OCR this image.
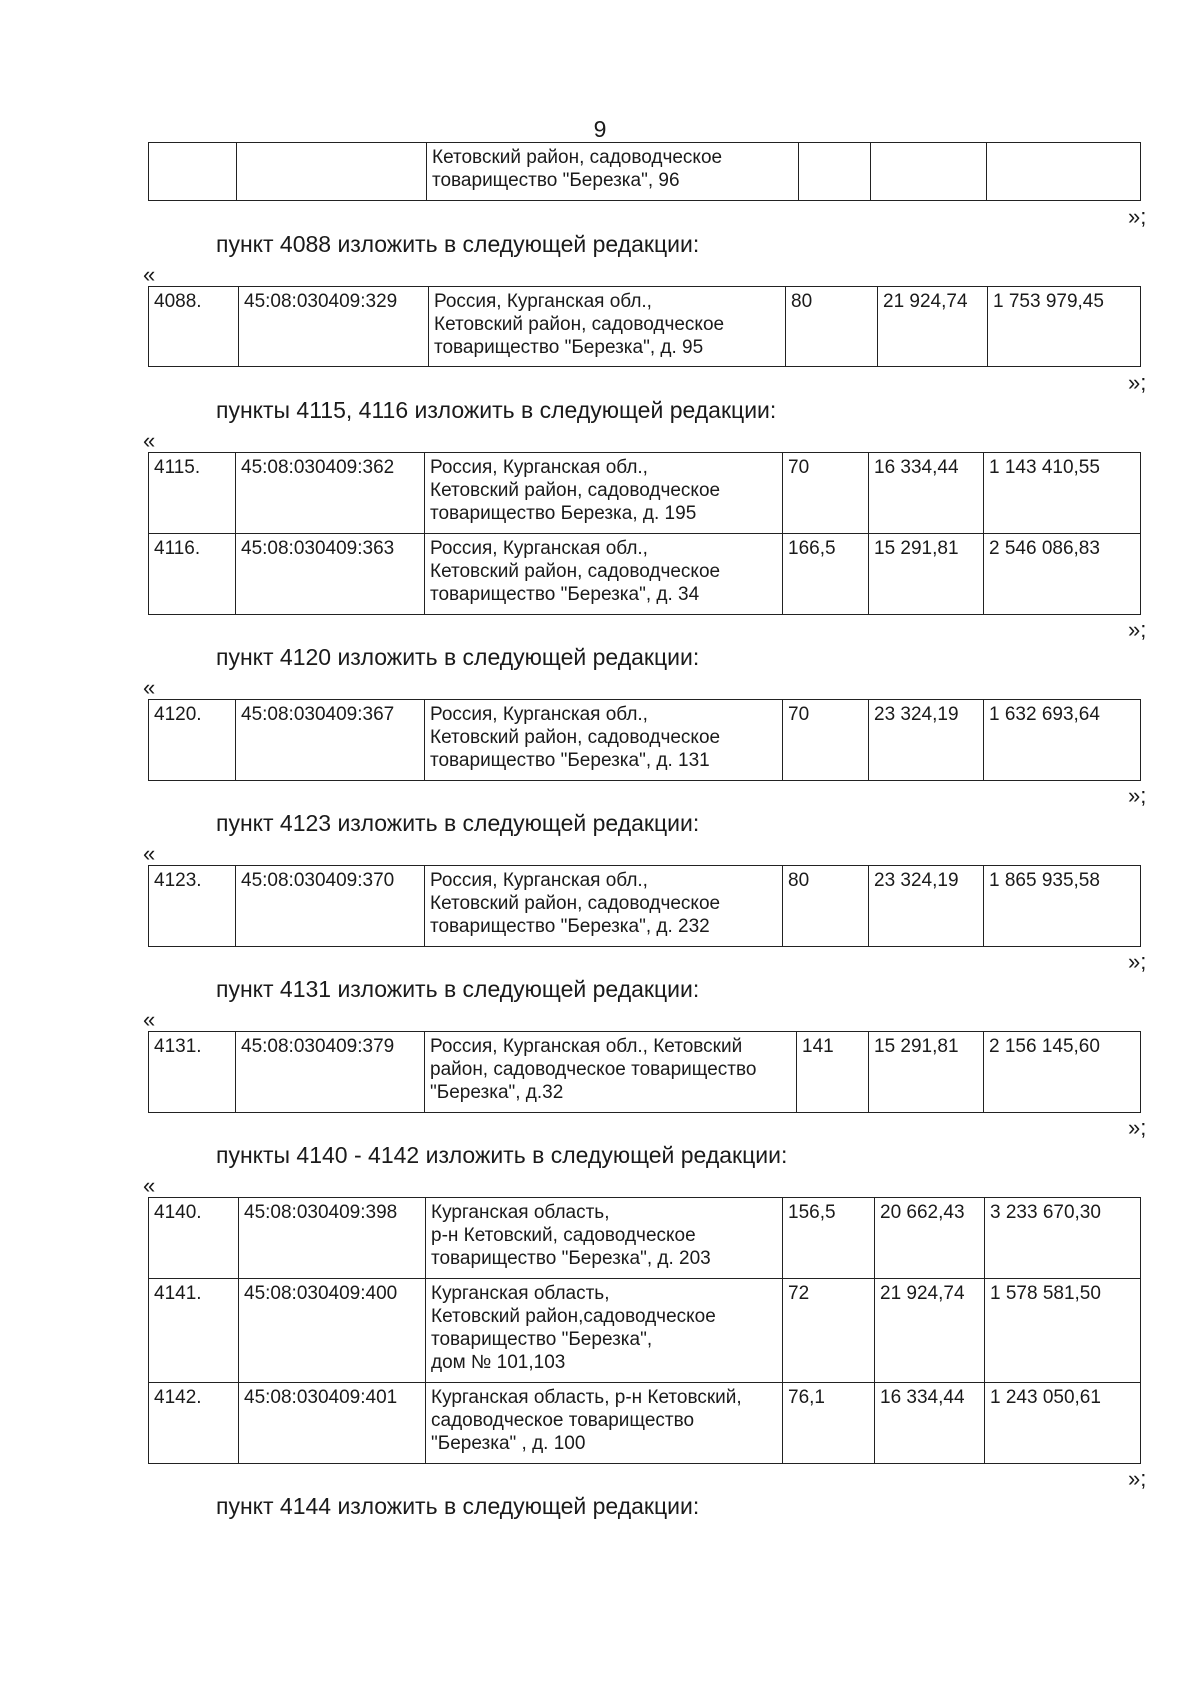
9

Кетовский район, садоводческое
товарищество "Березка", 96

»;
пункт 4088 изложить в следующей редакции:
«
4088.	45:08:030409:329	Россия, Курганская обл.,
Кетовский район, садоводческое
товарищество "Березка", д. 95
	80	21 924,74	1 753 979,45
»;
пункты 4115, 4116 изложить в следующей редакции:
«
4115.	45:08:030409:362	Россия, Курганская обл.,
Кетовский район, садоводческое
товарищество Березка, д. 195	70	16 334,44	1 143 410,55
4116.	45:08:030409:363	Россия, Курганская обл.,
Кетовский район, садоводческое
товарищество "Березка", д. 34	166,5	15 291,81	2 546 086,83
»;
пункт 4120 изложить в следующей редакции:
«
4120.	45:08:030409:367	Россия, Курганская обл.,
Кетовский район, садоводческое
товарищество "Березка", д. 131
	70	23 324,19	1 632 693,64
»;
пункт 4123 изложить в следующей редакции:
«
4123.	45:08:030409:370	Россия, Курганская обл.,
Кетовский район, садоводческое
товарищество "Березка", д. 232
	80	23 324,19	1 865 935,58
»;
пункт 4131 изложить в следующей редакции:
«
4131.	45:08:030409:379	Россия, Курганская обл., Кетовский
район, садоводческое товарищество
"Березка", д.32
	141	15 291,81	2 156 145,60
»;
пункты 4140 - 4142 изложить в следующей редакции:
«
4140.	45:08:030409:398	Курганская область,
р-н Кетовский, садоводческое
товарищество "Березка", д. 203	156,5	20 662,43	3 233 670,30
4141.	45:08:030409:400	Курганская область,
Кетовский район,садоводческое
товарищество "Березка",
дом № 101,103	72	21 924,74	1 578 581,50
4142.	45:08:030409:401	Курганская область, р-н Кетовский,
садоводческое товарищество
"Березка" , д. 100	76,1	16 334,44	1 243 050,61
»;
пункт 4144 изложить в следующей редакции:
